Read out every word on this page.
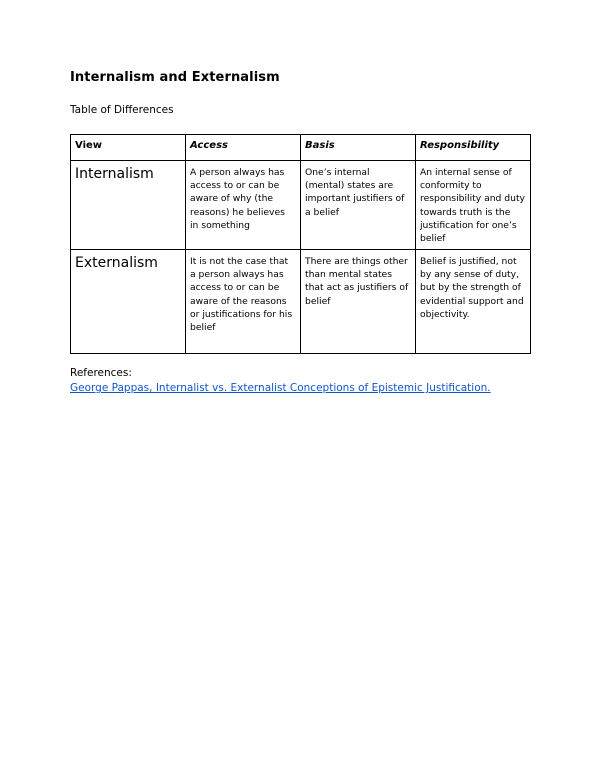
Internalism and Externalism

Table of Differences

View	Access	Basis	Responsibility
Internalism	A person always has access to or can be aware of why (the reasons) he believes in something	One’s internal (mental) states are important justifiers of a belief	An internal sense of conformity to responsibility and duty towards truth is the justification for one’s belief
Externalism	It is not the case that a person always has access to or can be aware of the reasons or justifications for his belief	There are things other than mental states that act as justifiers of belief	Belief is justified, not by any sense of duty, but by the strength of evidential support and objectivity.

References:

George Pappas, Internalist vs. Externalist Conceptions of Epistemic Justification.
